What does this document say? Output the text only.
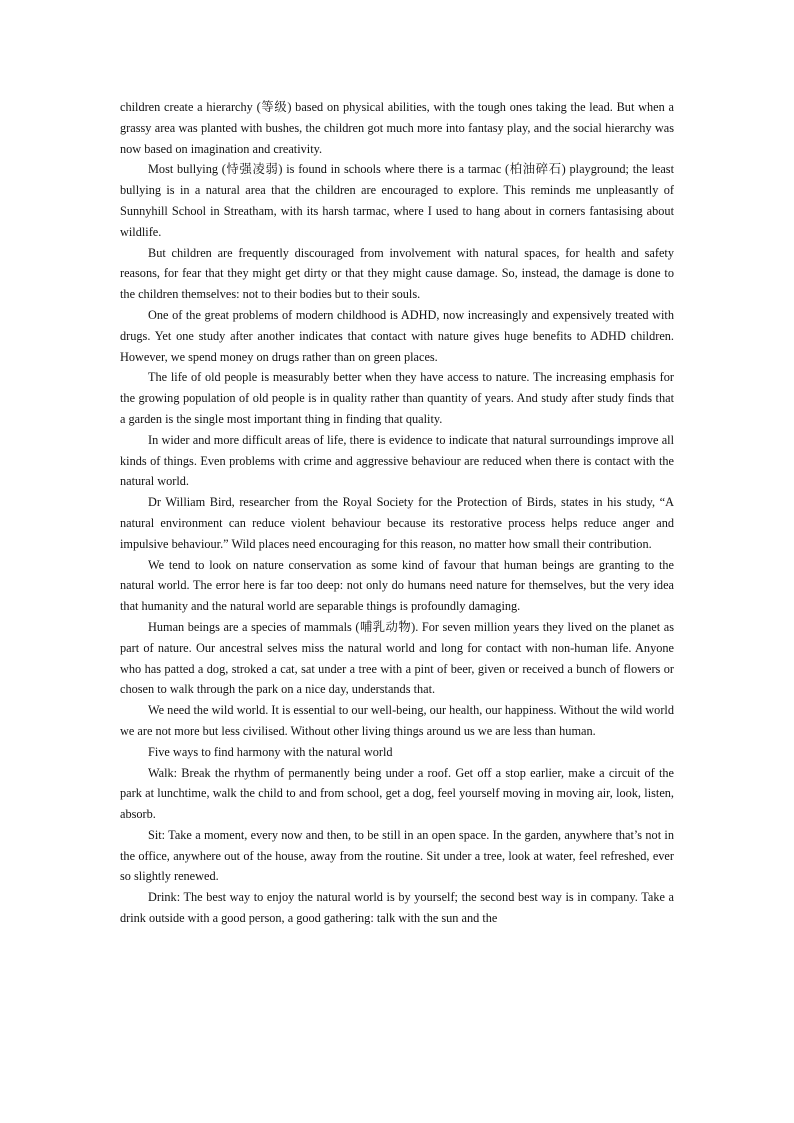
children create a hierarchy (等级) based on physical abilities, with the tough ones taking the lead. But when a grassy area was planted with bushes, the children got much more into fantasy play, and the social hierarchy was now based on imagination and creativity.

Most bullying (恃强凌弱) is found in schools where there is a tarmac (柏油碎石) playground; the least bullying is in a natural area that the children are encouraged to explore. This reminds me unpleasantly of Sunnyhill School in Streatham, with its harsh tarmac, where I used to hang about in corners fantasising about wildlife.

But children are frequently discouraged from involvement with natural spaces, for health and safety reasons, for fear that they might get dirty or that they might cause damage. So, instead, the damage is done to the children themselves: not to their bodies but to their souls.

One of the great problems of modern childhood is ADHD, now increasingly and expensively treated with drugs. Yet one study after another indicates that contact with nature gives huge benefits to ADHD children. However, we spend money on drugs rather than on green places.

The life of old people is measurably better when they have access to nature. The increasing emphasis for the growing population of old people is in quality rather than quantity of years. And study after study finds that a garden is the single most important thing in finding that quality.

In wider and more difficult areas of life, there is evidence to indicate that natural surroundings improve all kinds of things. Even problems with crime and aggressive behaviour are reduced when there is contact with the natural world.

Dr William Bird, researcher from the Royal Society for the Protection of Birds, states in his study, “A natural environment can reduce violent behaviour because its restorative process helps reduce anger and impulsive behaviour.” Wild places need encouraging for this reason, no matter how small their contribution.

We tend to look on nature conservation as some kind of favour that human beings are granting to the natural world. The error here is far too deep: not only do humans need nature for themselves, but the very idea that humanity and the natural world are separable things is profoundly damaging.

Human beings are a species of mammals (哺乳动物). For seven million years they lived on the planet as part of nature. Our ancestral selves miss the natural world and long for contact with non-human life. Anyone who has patted a dog, stroked a cat, sat under a tree with a pint of beer, given or received a bunch of flowers or chosen to walk through the park on a nice day, understands that.

We need the wild world. It is essential to our well-being, our health, our happiness. Without the wild world we are not more but less civilised. Without other living things around us we are less than human.

Five ways to find harmony with the natural world

Walk: Break the rhythm of permanently being under a roof. Get off a stop earlier, make a circuit of the park at lunchtime, walk the child to and from school, get a dog, feel yourself moving in moving air, look, listen, absorb.

Sit: Take a moment, every now and then, to be still in an open space. In the garden, anywhere that’s not in the office, anywhere out of the house, away from the routine. Sit under a tree, look at water, feel refreshed, ever so slightly renewed.

Drink: The best way to enjoy the natural world is by yourself; the second best way is in company. Take a drink outside with a good person, a good gathering: talk with the sun and the
